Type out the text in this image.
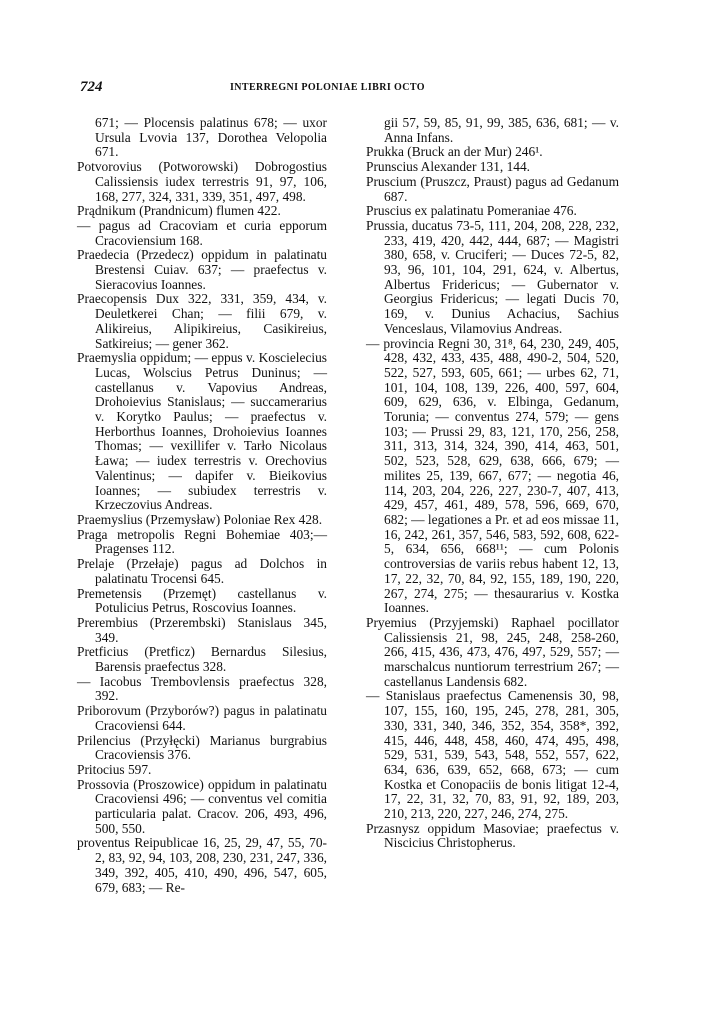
724	INTERREGNI POLONIAE LIBRI OCTO

671; — Plocensis palatinus 678; — uxor Ursula Lvovia 137, Dorothea Velopolia 671.

Potvorovius (Potworowski) Dobrogostius Calissiensis iudex terrestris 91, 97, 106, 168, 277, 324, 331, 339, 351, 497, 498.

Prądnikum (Prandnicum) flumen 422.

— pagus ad Cracoviam et curia epporum Cracoviensium 168.

Praedecia (Przedecz) oppidum in palatinatu Brestensi Cuiav. 637; — praefectus v. Sieracovius Ioannes.

Praecopensis Dux 322, 331, 359, 434, v. Deuletkerei Chan; — filii 679, v. Alikireius, Alipikireius, Casikireius, Satkireius; — gener 362.

Praemyslia oppidum; — eppus v. Koscielecius Lucas, Wolscius Petrus Duninus; — castellanus v. Vapovius Andreas, Drohoievius Stanislaus; — succamerarius v. Korytko Paulus; — praefectus v. Herborthus Ioannes, Drohoievius Ioannes Thomas; — vexillifer v. Tarło Nicolaus Ława; — iudex terrestris v. Orechovius Valentinus; — dapifer v. Bieikovius Ioannes; — subiudex terrestris v. Krzeczovius Andreas.

Praemyslius (Przemysław) Poloniae Rex 428.

Praga metropolis Regni Bohemiae 403;— Pragenses 112.

Prelaje (Przełaje) pagus ad Dolchos in palatinatu Trocensi 645.

Premetensis (Przemęt) castellanus v. Potulicius Petrus, Roscovius Ioannes.

Prerembius (Przerembski) Stanislaus 345, 349.

Pretficius (Pretficz) Bernardus Silesius, Barensis praefectus 328.

— Iacobus Trembovlensis praefectus 328, 392.

Priborovum (Przyborów?) pagus in palatinatu Cracoviensi 644.

Prilencius (Przyłęcki) Marianus burgrabius Cracoviensis 376.

Pritocius 597.

Prossovia (Proszowice) oppidum in palatinatu Cracoviensi 496; — conventus vel comitia particularia palat. Cracov. 206, 493, 496, 500, 550.

proventus Reipublicae 16, 25, 29, 47, 55, 70-2, 83, 92, 94, 103, 208, 230, 231, 247, 336, 349, 392, 405, 410, 490, 496, 547, 605, 679, 683; — Re-

gii 57, 59, 85, 91, 99, 385, 636, 681; — v. Anna Infans.

Prukka (Bruck an der Mur) 246¹.

Prunscius Alexander 131, 144.

Pruscium (Pruszcz, Praust) pagus ad Gedanum 687.

Pruscius ex palatinatu Pomeraniae 476.

Prussia, ducatus 73-5, 111, 204, 208, 228, 232, 233, 419, 420, 442, 444, 687; — Magistri 380, 658, v. Cruciferi; — Duces 72-5, 82, 93, 96, 101, 104, 291, 624, v. Albertus, Albertus Fridericus; — Gubernator v. Georgius Fridericus; — legati Ducis 70, 169, v. Dunius Achacius, Sachius Venceslaus, Vilamovius Andreas.

— provincia Regni 30, 31⁸, 64, 230, 249, 405, 428, 432, 433, 435, 488, 490-2, 504, 520, 522, 527, 593, 605, 661; — urbes 62, 71, 101, 104, 108, 139, 226, 400, 597, 604, 609, 629, 636, v. Elbinga, Gedanum, Torunia; — conventus 274, 579; — gens 103; — Prussi 29, 83, 121, 170, 256, 258, 311, 313, 314, 324, 390, 414, 463, 501, 502, 523, 528, 629, 638, 666, 679; — milites 25, 139, 667, 677; — negotia 46, 114, 203, 204, 226, 227, 230-7, 407, 413, 429, 457, 461, 489, 578, 596, 669, 670, 682; — legationes a Pr. et ad eos missae 11, 16, 242, 261, 357, 546, 583, 592, 608, 622-5, 634, 656, 668¹¹; — cum Polonis controversias de variis rebus habent 12, 13, 17, 22, 32, 70, 84, 92, 155, 189, 190, 220, 267, 274, 275; — thesaurarius v. Kostka Ioannes.

Pryemius (Przyjemski) Raphael pocillator Calissiensis 21, 98, 245, 248, 258-260, 266, 415, 436, 473, 476, 497, 529, 557; — marschalcus nuntiorum terrestrium 267; — castellanus Landensis 682.

— Stanislaus praefectus Camenensis 30, 98, 107, 155, 160, 195, 245, 278, 281, 305, 330, 331, 340, 346, 352, 354, 358*, 392, 415, 446, 448, 458, 460, 474, 495, 498, 529, 531, 539, 543, 548, 552, 557, 622, 634, 636, 639, 652, 668, 673; — cum Kostka et Conopaciis de bonis litigat 12-4, 17, 22, 31, 32, 70, 83, 91, 92, 189, 203, 210, 213, 220, 227, 246, 274, 275.

Przasnysz oppidum Masoviae; praefectus v. Niscicius Christopherus.
